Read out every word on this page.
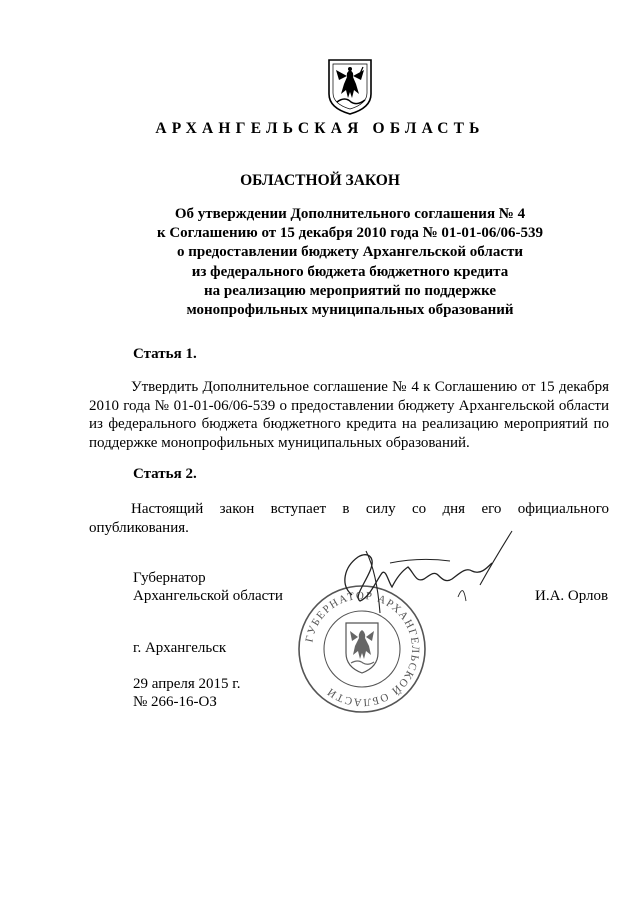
АРХАНГЕЛЬСКАЯ ОБЛАСТЬ
ОБЛАСТНОЙ ЗАКОН
Об утверждении Дополнительного соглашения № 4
к Соглашению от 15 декабря 2010 года № 01-01-06/06-539
о предоставлении бюджету Архангельской области
из федерального бюджета бюджетного кредита
на реализацию мероприятий по поддержке
монопрофильных муниципальных образований
Статья 1.
Утвердить Дополнительное соглашение № 4 к Соглашению от 15 декабря 2010 года № 01-01-06/06-539 о предоставлении бюджету Архангельской области из федерального бюджета бюджетного кредита на реализацию мероприятий по поддержке монопрофильных муниципальных образований.
Статья 2.
Настоящий закон вступает в силу со дня его официального опубликования.
ГУБЕРНАТОР АРХАНГЕЛЬСКОЙ ОБЛАСТИ
Губернатор
Архангельской области	И.А. Орлов
г. Архангельск
29 апреля 2015 г.
№ 266-16-ОЗ
